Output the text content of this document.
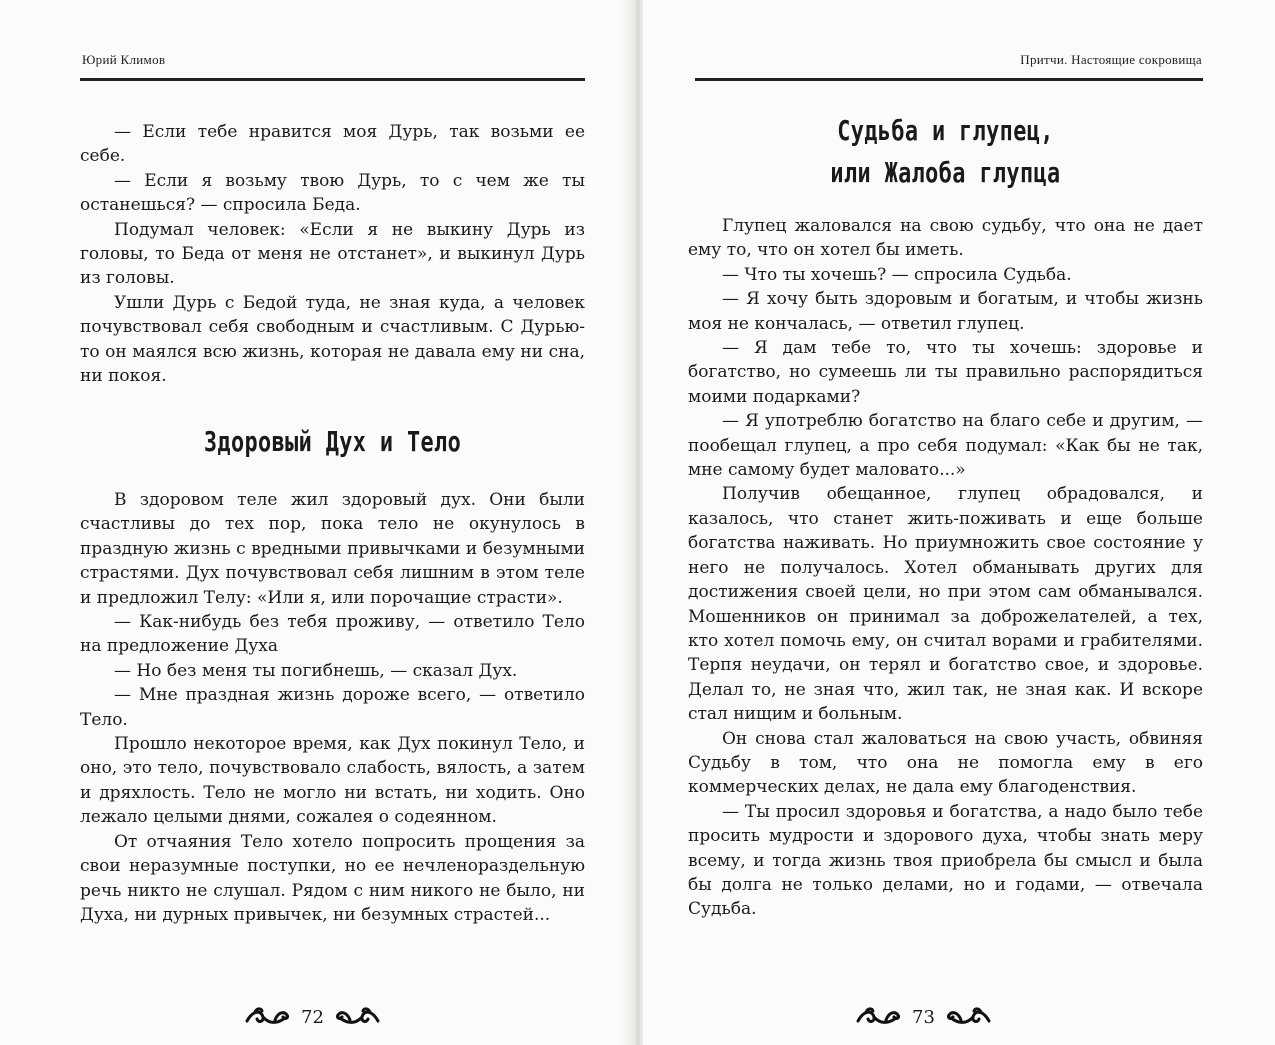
Юрий Климов

— Если тебе нравится моя Дурь, так возьми ее себе.

— Если я возьму твою Дурь, то с чем же ты останешься? — спросила Беда.

Подумал человек: «Если я не выкину Дурь из головы, то Беда от меня не отстанет», и выкинул Дурь из головы.

Ушли Дурь с Бедой туда, не зная куда, а человек почувствовал себя свободным и счастливым. С Дурью-то он маялся всю жизнь, которая не давала ему ни сна, ни покоя.

Здоровый Дух и Тело

В здоровом теле жил здоровый дух. Они были счастливы до тех пор, пока тело не окунулось в праздную жизнь с вредными привычками и безумными страстями. Дух почувствовал себя лишним в этом теле и предложил Телу: «Или я, или порочащие страсти».

— Как-нибудь без тебя проживу, — ответило Тело на предложение Духа

— Но без меня ты погибнешь, — сказал Дух.

— Мне праздная жизнь дороже всего, — ответило Тело.

Прошло некоторое время, как Дух покинул Тело, и оно, это тело, почувствовало слабость, вялость, а затем и дряхлость. Тело не могло ни встать, ни ходить. Оно лежало целыми днями, сожалея о содеянном.

От отчаяния Тело хотело попросить прощения за свои неразумные поступки, но ее нечленораздельную речь никто не слушал. Рядом с ним никого не было, ни Духа, ни дурных привычек, ни безумных страстей...

72
Притчи. Настоящие сокровища
Судьба и глупец,
или Жалоба глупца

Глупец жаловался на свою судьбу, что она не дает ему то, что он хотел бы иметь.

— Что ты хочешь? — спросила Судьба.

— Я хочу быть здоровым и богатым, и чтобы жизнь моя не кончалась, — ответил глупец.

— Я дам тебе то, что ты хочешь: здоровье и богатство, но сумеешь ли ты правильно распорядиться моими подарками?

— Я употреблю богатство на благо себе и другим, — пообещал глупец, а про себя подумал: «Как бы не так, мне самому будет маловато...»

Получив обещанное, глупец обрадовался, и казалось, что станет жить-поживать и еще больше богатства наживать. Но приумножить свое состояние у него не получалось. Хотел обманывать других для достижения своей цели, но при этом сам обманывался. Мошенников он принимал за доброжелателей, а тех, кто хотел помочь ему, он считал ворами и грабителями. Терпя неудачи, он терял и богатство свое, и здоровье. Делал то, не зная что, жил так, не зная как. И вскоре стал нищим и больным.

Он снова стал жаловаться на свою участь, обвиняя Судьбу в том, что она не помогла ему в его коммерческих делах, не дала ему благоденствия.

— Ты просил здоровья и богатства, а надо было тебе просить мудрости и здорового духа, чтобы знать меру всему, и тогда жизнь твоя приобрела бы смысл и была бы долга не только делами, но и годами, — отвечала Судьба.

73
